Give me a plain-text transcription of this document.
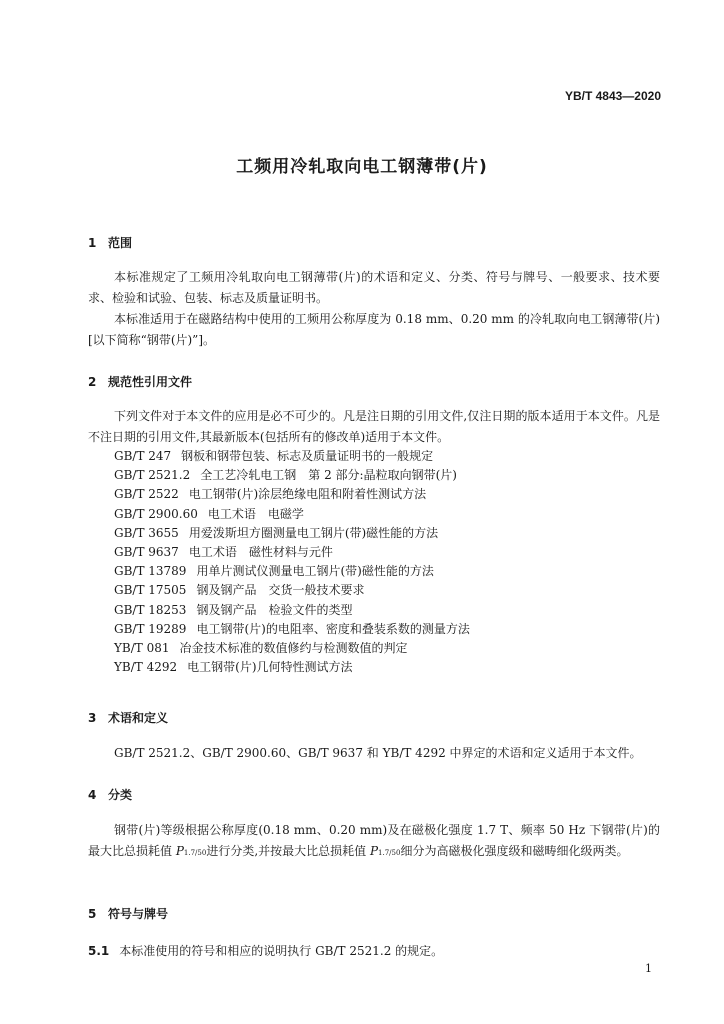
YB/T 4843—2020
工频用冷轧取向电工钢薄带(片)
1 范围

本标准规定了工频用冷轧取向电工钢薄带(片)的术语和定义、分类、符号与牌号、一般要求、技术要求、检验和试验、包装、标志及质量证明书。

本标准适用于在磁路结构中使用的工频用公称厚度为 0.18 mm、0.20 mm 的冷轧取向电工钢薄带(片)[以下简称“钢带(片)”]。

2 规范性引用文件

下列文件对于本文件的应用是必不可少的。凡是注日期的引用文件,仅注日期的版本适用于本文件。凡是不注日期的引用文件,其最新版本(包括所有的修改单)适用于本文件。

GB/T 247 钢板和钢带包装、标志及质量证明书的一般规定
GB/T 2521.2 全工艺冷轧电工钢　第 2 部分:晶粒取向钢带(片)
GB/T 2522 电工钢带(片)涂层绝缘电阻和附着性测试方法
GB/T 2900.60 电工术语　电磁学
GB/T 3655 用爱泼斯坦方圈测量电工钢片(带)磁性能的方法
GB/T 9637 电工术语　磁性材料与元件
GB/T 13789 用单片测试仪测量电工钢片(带)磁性能的方法
GB/T 17505 钢及钢产品　交货一般技术要求
GB/T 18253 钢及钢产品　检验文件的类型
GB/T 19289 电工钢带(片)的电阻率、密度和叠装系数的测量方法
YB/T 081 冶金技术标准的数值修约与检测数值的判定
YB/T 4292 电工钢带(片)几何特性测试方法
3 术语和定义

GB/T 2521.2、GB/T 2900.60、GB/T 9637 和 YB/T 4292 中界定的术语和定义适用于本文件。

4 分类

钢带(片)等级根据公称厚度(0.18 mm、0.20 mm)及在磁极化强度 1.7 T、频率 50 Hz 下钢带(片)的最大比总损耗值 P1.7/50进行分类,并按最大比总损耗值 P1.7/50细分为高磁极化强度级和磁畴细化级两类。

5 符号与牌号
5.1 本标准使用的符号和相应的说明执行 GB/T 2521.2 的规定。
1
